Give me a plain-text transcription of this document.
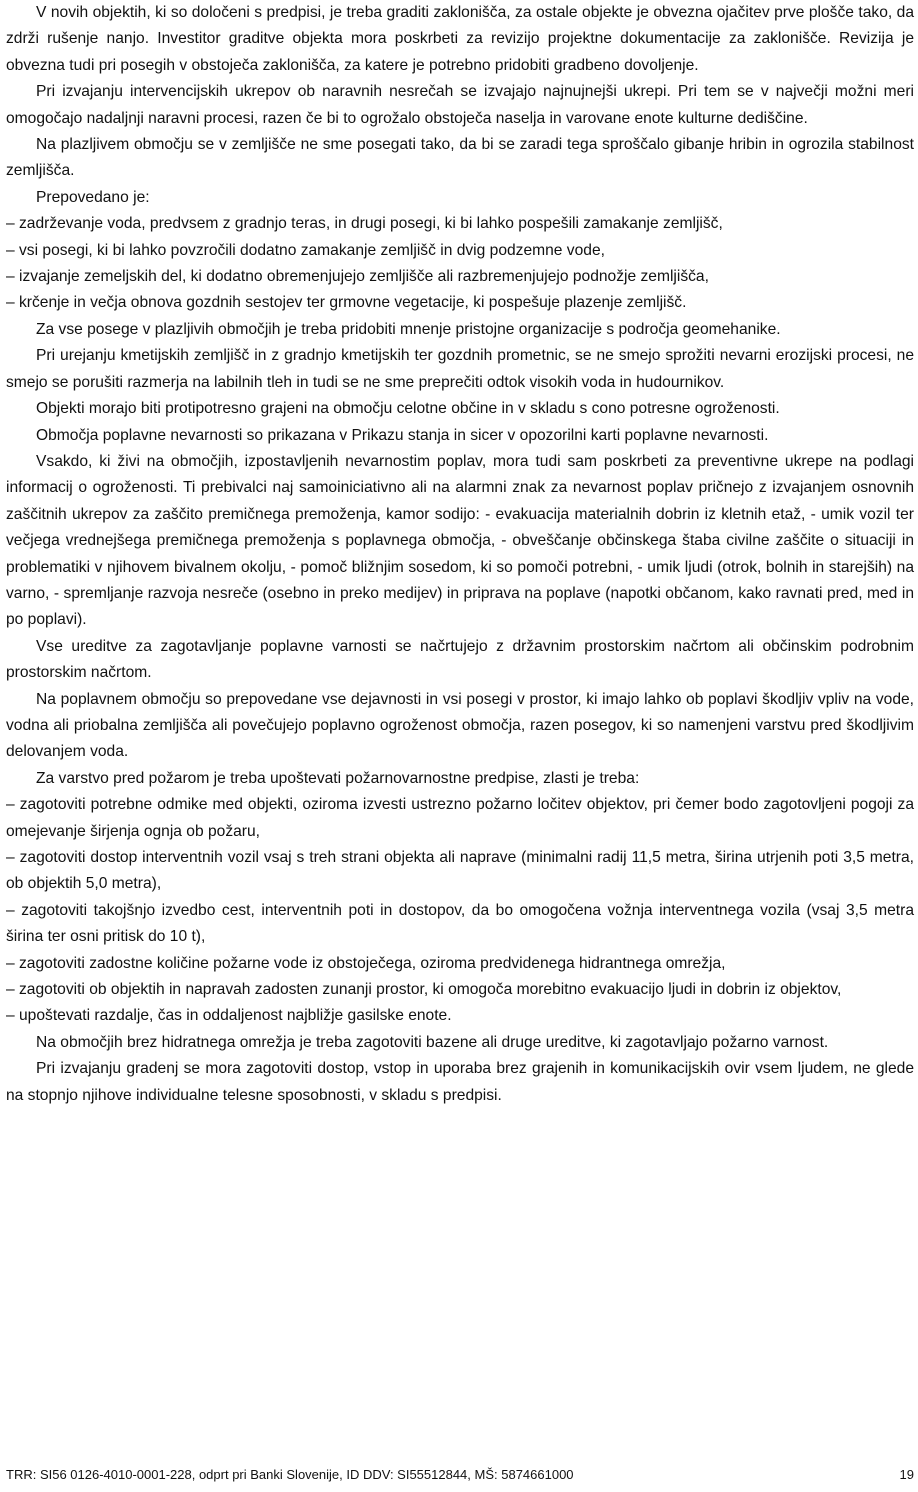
V novih objektih, ki so določeni s predpisi, je treba graditi zaklonišča, za ostale objekte je obvezna ojačitev prve plošče tako, da zdrži rušenje nanjo. Investitor graditve objekta mora poskrbeti za revizijo projektne dokumentacije za zaklonišče. Revizija je obvezna tudi pri posegih v obstoječa zaklonišča, za katere je potrebno pridobiti gradbeno dovoljenje.

Pri izvajanju intervencijskih ukrepov ob naravnih nesrečah se izvajajo najnujnejši ukrepi. Pri tem se v največji možni meri omogočajo nadaljnji naravni procesi, razen če bi to ogrožalo obstoječa naselja in varovane enote kulturne dediščine.

Na plazljivem območju se v zemljišče ne sme posegati tako, da bi se zaradi tega sproščalo gibanje hribin in ogrozila stabilnost zemljišča.

Prepovedano je:

– zadrževanje voda, predvsem z gradnjo teras, in drugi posegi, ki bi lahko pospešili zamakanje zemljišč,

– vsi posegi, ki bi lahko povzročili dodatno zamakanje zemljišč in dvig podzemne vode,

– izvajanje zemeljskih del, ki dodatno obremenjujejo zemljišče ali razbremenjujejo podnožje zemljišča,

– krčenje in večja obnova gozdnih sestojev ter grmovne vegetacije, ki pospešuje plazenje zemljišč.

Za vse posege v plazljivih območjih je treba pridobiti mnenje pristojne organizacije s področja geomehanike.

Pri urejanju kmetijskih zemljišč in z gradnjo kmetijskih ter gozdnih prometnic, se ne smejo sprožiti nevarni erozijski procesi, ne smejo se porušiti razmerja na labilnih tleh in tudi se ne sme preprečiti odtok visokih voda in hudournikov.

Objekti morajo biti protipotresno grajeni na območju celotne občine in v skladu s cono potresne ogroženosti.

Območja poplavne nevarnosti so prikazana v Prikazu stanja in sicer v opozorilni karti poplavne nevarnosti.

Vsakdo, ki živi na območjih, izpostavljenih nevarnostim poplav, mora tudi sam poskrbeti za preventivne ukrepe na podlagi informacij o ogroženosti. Ti prebivalci naj samoiniciativno ali na alarmni znak za nevarnost poplav pričnejo z izvajanjem osnovnih zaščitnih ukrepov za zaščito premičnega premoženja, kamor sodijo: - evakuacija materialnih dobrin iz kletnih etaž, - umik vozil ter večjega vrednejšega premičnega premoženja s poplavnega območja, - obveščanje občinskega štaba civilne zaščite o situaciji in problematiki v njihovem bivalnem okolju, - pomoč bližnjim sosedom, ki so pomoči potrebni, - umik ljudi (otrok, bolnih in starejših) na varno, - spremljanje razvoja nesreče (osebno in preko medijev) in priprava na poplave (napotki občanom, kako ravnati pred, med in po poplavi).

Vse ureditve za zagotavljanje poplavne varnosti se načrtujejo z državnim prostorskim načrtom ali občinskim podrobnim prostorskim načrtom.

Na poplavnem območju so prepovedane vse dejavnosti in vsi posegi v prostor, ki imajo lahko ob poplavi škodljiv vpliv na vode, vodna ali priobalna zemljišča ali povečujejo poplavno ogroženost območja, razen posegov, ki so namenjeni varstvu pred škodljivim delovanjem voda.

Za varstvo pred požarom je treba upoštevati požarnovarnostne predpise, zlasti je treba:

– zagotoviti potrebne odmike med objekti, oziroma izvesti ustrezno požarno ločitev objektov, pri čemer bodo zagotovljeni pogoji za omejevanje širjenja ognja ob požaru,

– zagotoviti dostop interventnih vozil vsaj s treh strani objekta ali naprave (minimalni radij 11,5 metra, širina utrjenih poti 3,5 metra, ob objektih 5,0 metra),

– zagotoviti takojšnjo izvedbo cest, interventnih poti in dostopov, da bo omogočena vožnja interventnega vozila (vsaj 3,5 metra širina ter osni pritisk do 10 t),

– zagotoviti zadostne količine požarne vode iz obstoječega, oziroma predvidenega hidrantnega omrežja,

– zagotoviti ob objektih in napravah zadosten zunanji prostor, ki omogoča morebitno evakuacijo ljudi in dobrin iz objektov,

– upoštevati razdalje, čas in oddaljenost najbližje gasilske enote.

Na območjih brez hidratnega omrežja je treba zagotoviti bazene ali druge ureditve, ki zagotavljajo požarno varnost.

Pri izvajanju gradenj se mora zagotoviti dostop, vstop in uporaba brez grajenih in komunikacijskih ovir vsem ljudem, ne glede na stopnjo njihove individualne telesne sposobnosti, v skladu s predpisi.

TRR: SI56 0126-4010-0001-228, odprt pri Banki Slovenije, ID DDV: SI55512844, MŠ: 5874661000	19
